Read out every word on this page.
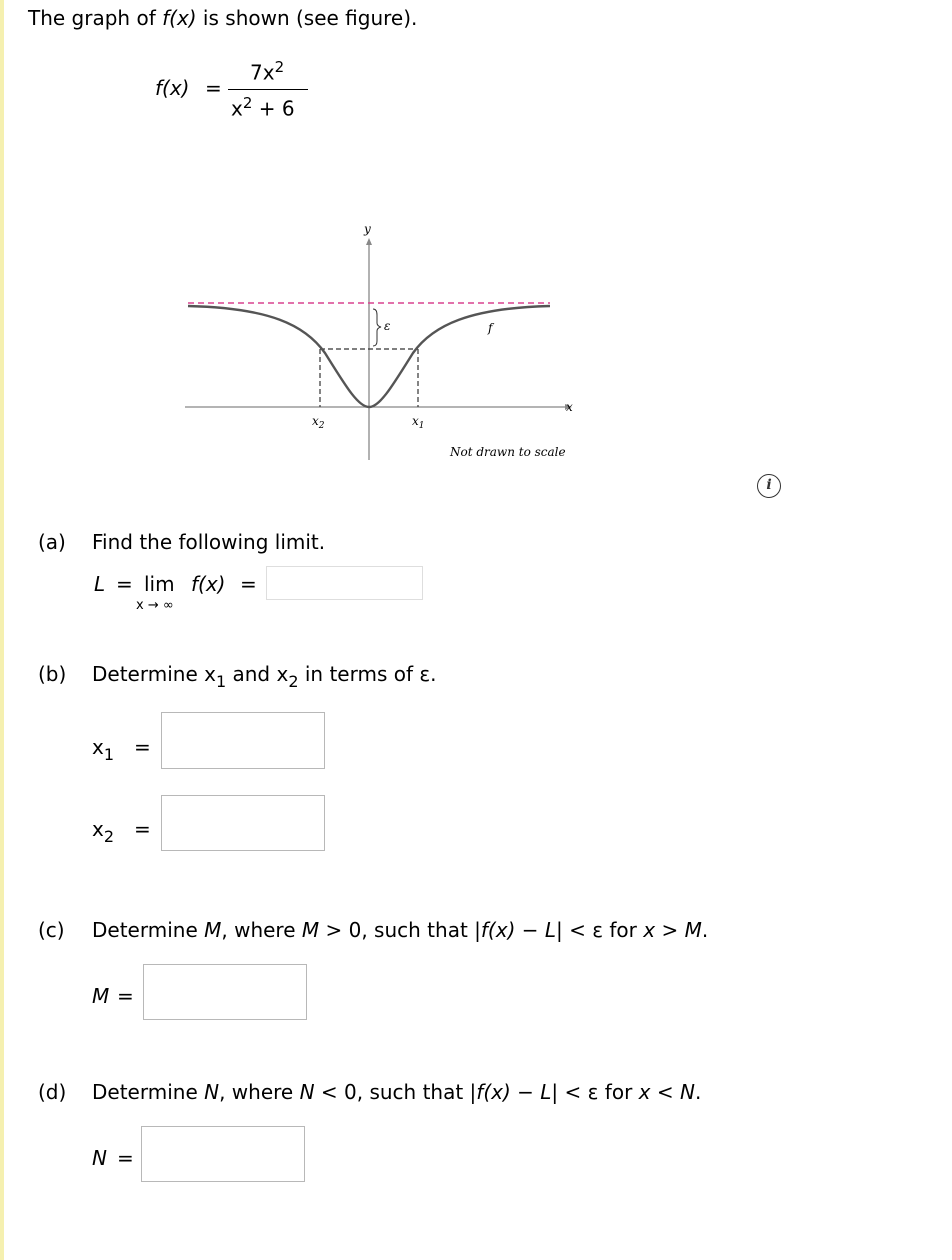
The graph of f(x) is shown (see figure).
f(x) =
$7x^2$
$x^2 + 6$
y
x
ε	f
$x_2$	$x_1$
Not drawn to scale
i
(a) Find the following limit.
L = lim
x → ∞
f(x) =
(b) Determine $x_1$ and $x_2$ in terms of ε.
$x_1$ =
$x_2$ =
(c) Determine M, where M > 0, such that |f(x) − L| < ε for x > M.
M =
(d) Determine N, where N < 0, such that |f(x) − L| < ε for x < N.
N =
